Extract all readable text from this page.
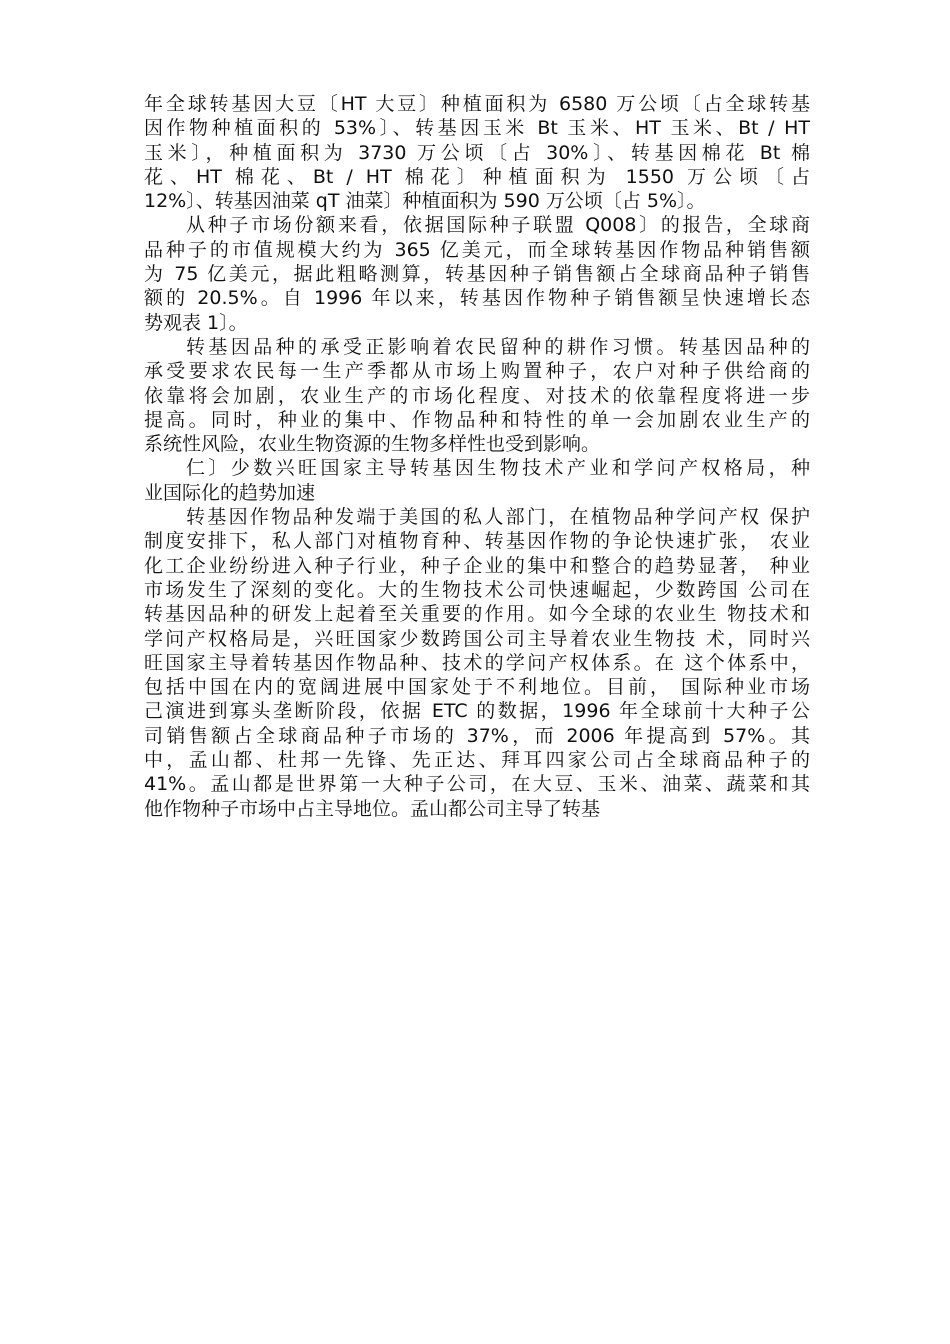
年全球转基因大豆〔HT 大豆〕种植面积为 6580 万公顷〔占全球转基
因作物种植面积的 53%〕、转基因玉米 Bt 玉米、HT 玉米、Bt / HT
玉米〕，种植面积为 3730 万公顷〔占 30%〕、转基因棉花 Bt 棉
花、HT 棉花、Bt / HT 棉花〕种植面积为 1550 万公顷〔占
12%〕、转基因油菜 qT 油菜〕种植面积为 590 万公顷〔占 5%〕。
从种子市场份额来看，依据国际种子联盟 Q008〕的报告，全球商
品种子的市值规模大约为 365 亿美元，而全球转基因作物品种销售额
为 75 亿美元，据此粗略测算，转基因种子销售额占全球商品种子销售
额的 20.5%。自 1996 年以来，转基因作物种子销售额呈快速增长态
势观表 1〕。
转基因品种的承受正影响着农民留种的耕作习惯。转基因品种的
承受要求农民每一生产季都从市场上购置种子，农户对种子供给商的
依靠将会加剧，农业生产的市场化程度、对技术的依靠程度将进一步
提高。同时，种业的集中、作物品种和特性的单一会加剧农业生产的
系统性风险，农业生物资源的生物多样性也受到影响。
仁〕少数兴旺国家主导转基因生物技术产业和学问产权格局，种
业国际化的趋势加速
转基因作物品种发端于美国的私人部门，在植物品种学问产权 保护
制度安排下，私人部门对植物育种、转基因作物的争论快速扩张， 农业
化工企业纷纷进入种子行业，种子企业的集中和整合的趋势显著， 种业
市场发生了深刻的变化。大的生物技术公司快速崛起，少数跨国 公司在
转基因品种的研发上起着至关重要的作用。如今全球的农业生 物技术和
学问产权格局是，兴旺国家少数跨国公司主导着农业生物技 术，同时兴
旺国家主导着转基因作物品种、技术的学问产权体系。在 这个体系中，
包括中国在内的宽阔进展中国家处于不利地位。目前， 国际种业市场
己演进到寡头垄断阶段，依据 ETC 的数据，1996 年全球前十大种子公
司销售额占全球商品种子市场的 37%，而 2006 年提高到 57%。其
中，孟山都、杜邦一先锋、先正达、拜耳四家公司占全球商品种子的
41%。孟山都是世界第一大种子公司，在大豆、玉米、油菜、蔬菜和其
他作物种子市场中占主导地位。孟山都公司主导了转基
